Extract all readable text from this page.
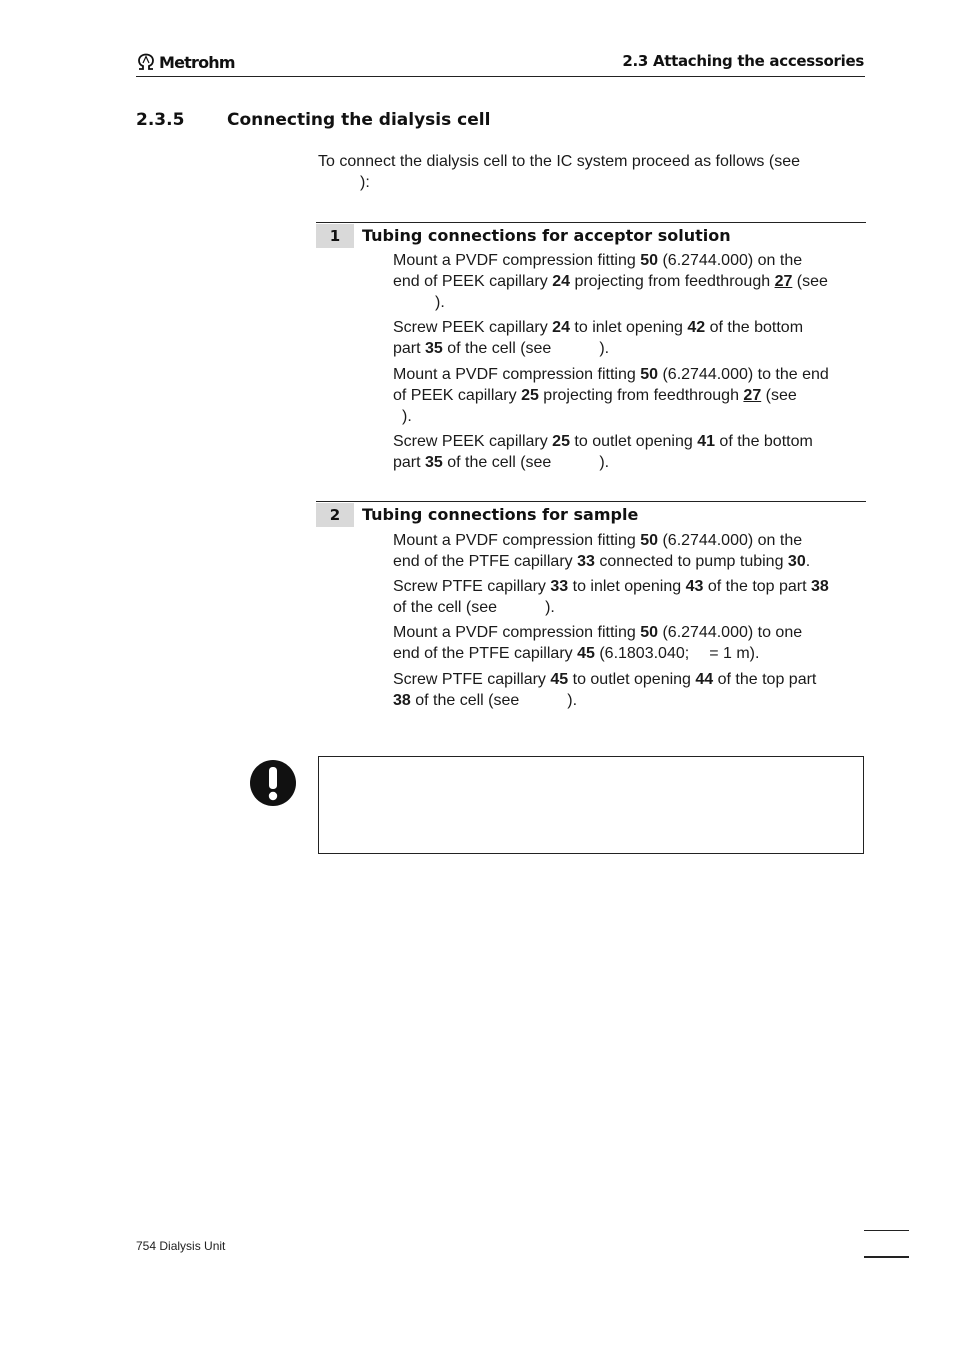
Metrohm	2.3 Attaching the accessories
2.3.5	Connecting the dialysis cell
To connect the dialysis cell to the IC system proceed as follows (see
):
1	Tubing connections for acceptor solution
Mount a PVDF compression fitting 50 (6.2744.000) on the
end of PEEK capillary 24 projecting from feedthrough 27 (see
).
Screw PEEK capillary 24 to inlet opening 42 of the bottom
part 35 of the cell (see	).
Mount a PVDF compression fitting 50 (6.2744.000) to the end
of PEEK capillary 25 projecting from feedthrough 27 (see
).
Screw PEEK capillary 25 to outlet opening 41 of the bottom
part 35 of the cell (see	).
2	Tubing connections for sample
Mount a PVDF compression fitting 50 (6.2744.000) on the
end of the PTFE capillary 33 connected to pump tubing 30.
Screw PTFE capillary 33 to inlet opening 43 of the top part 38
of the cell (see	).
Mount a PVDF compression fitting 50 (6.2744.000) to one
end of the PTFE capillary 45 (6.1803.040; = 1 m).
Screw PTFE capillary 45 to outlet opening 44 of the top part
38 of the cell (see	).
754 Dialysis Unit
